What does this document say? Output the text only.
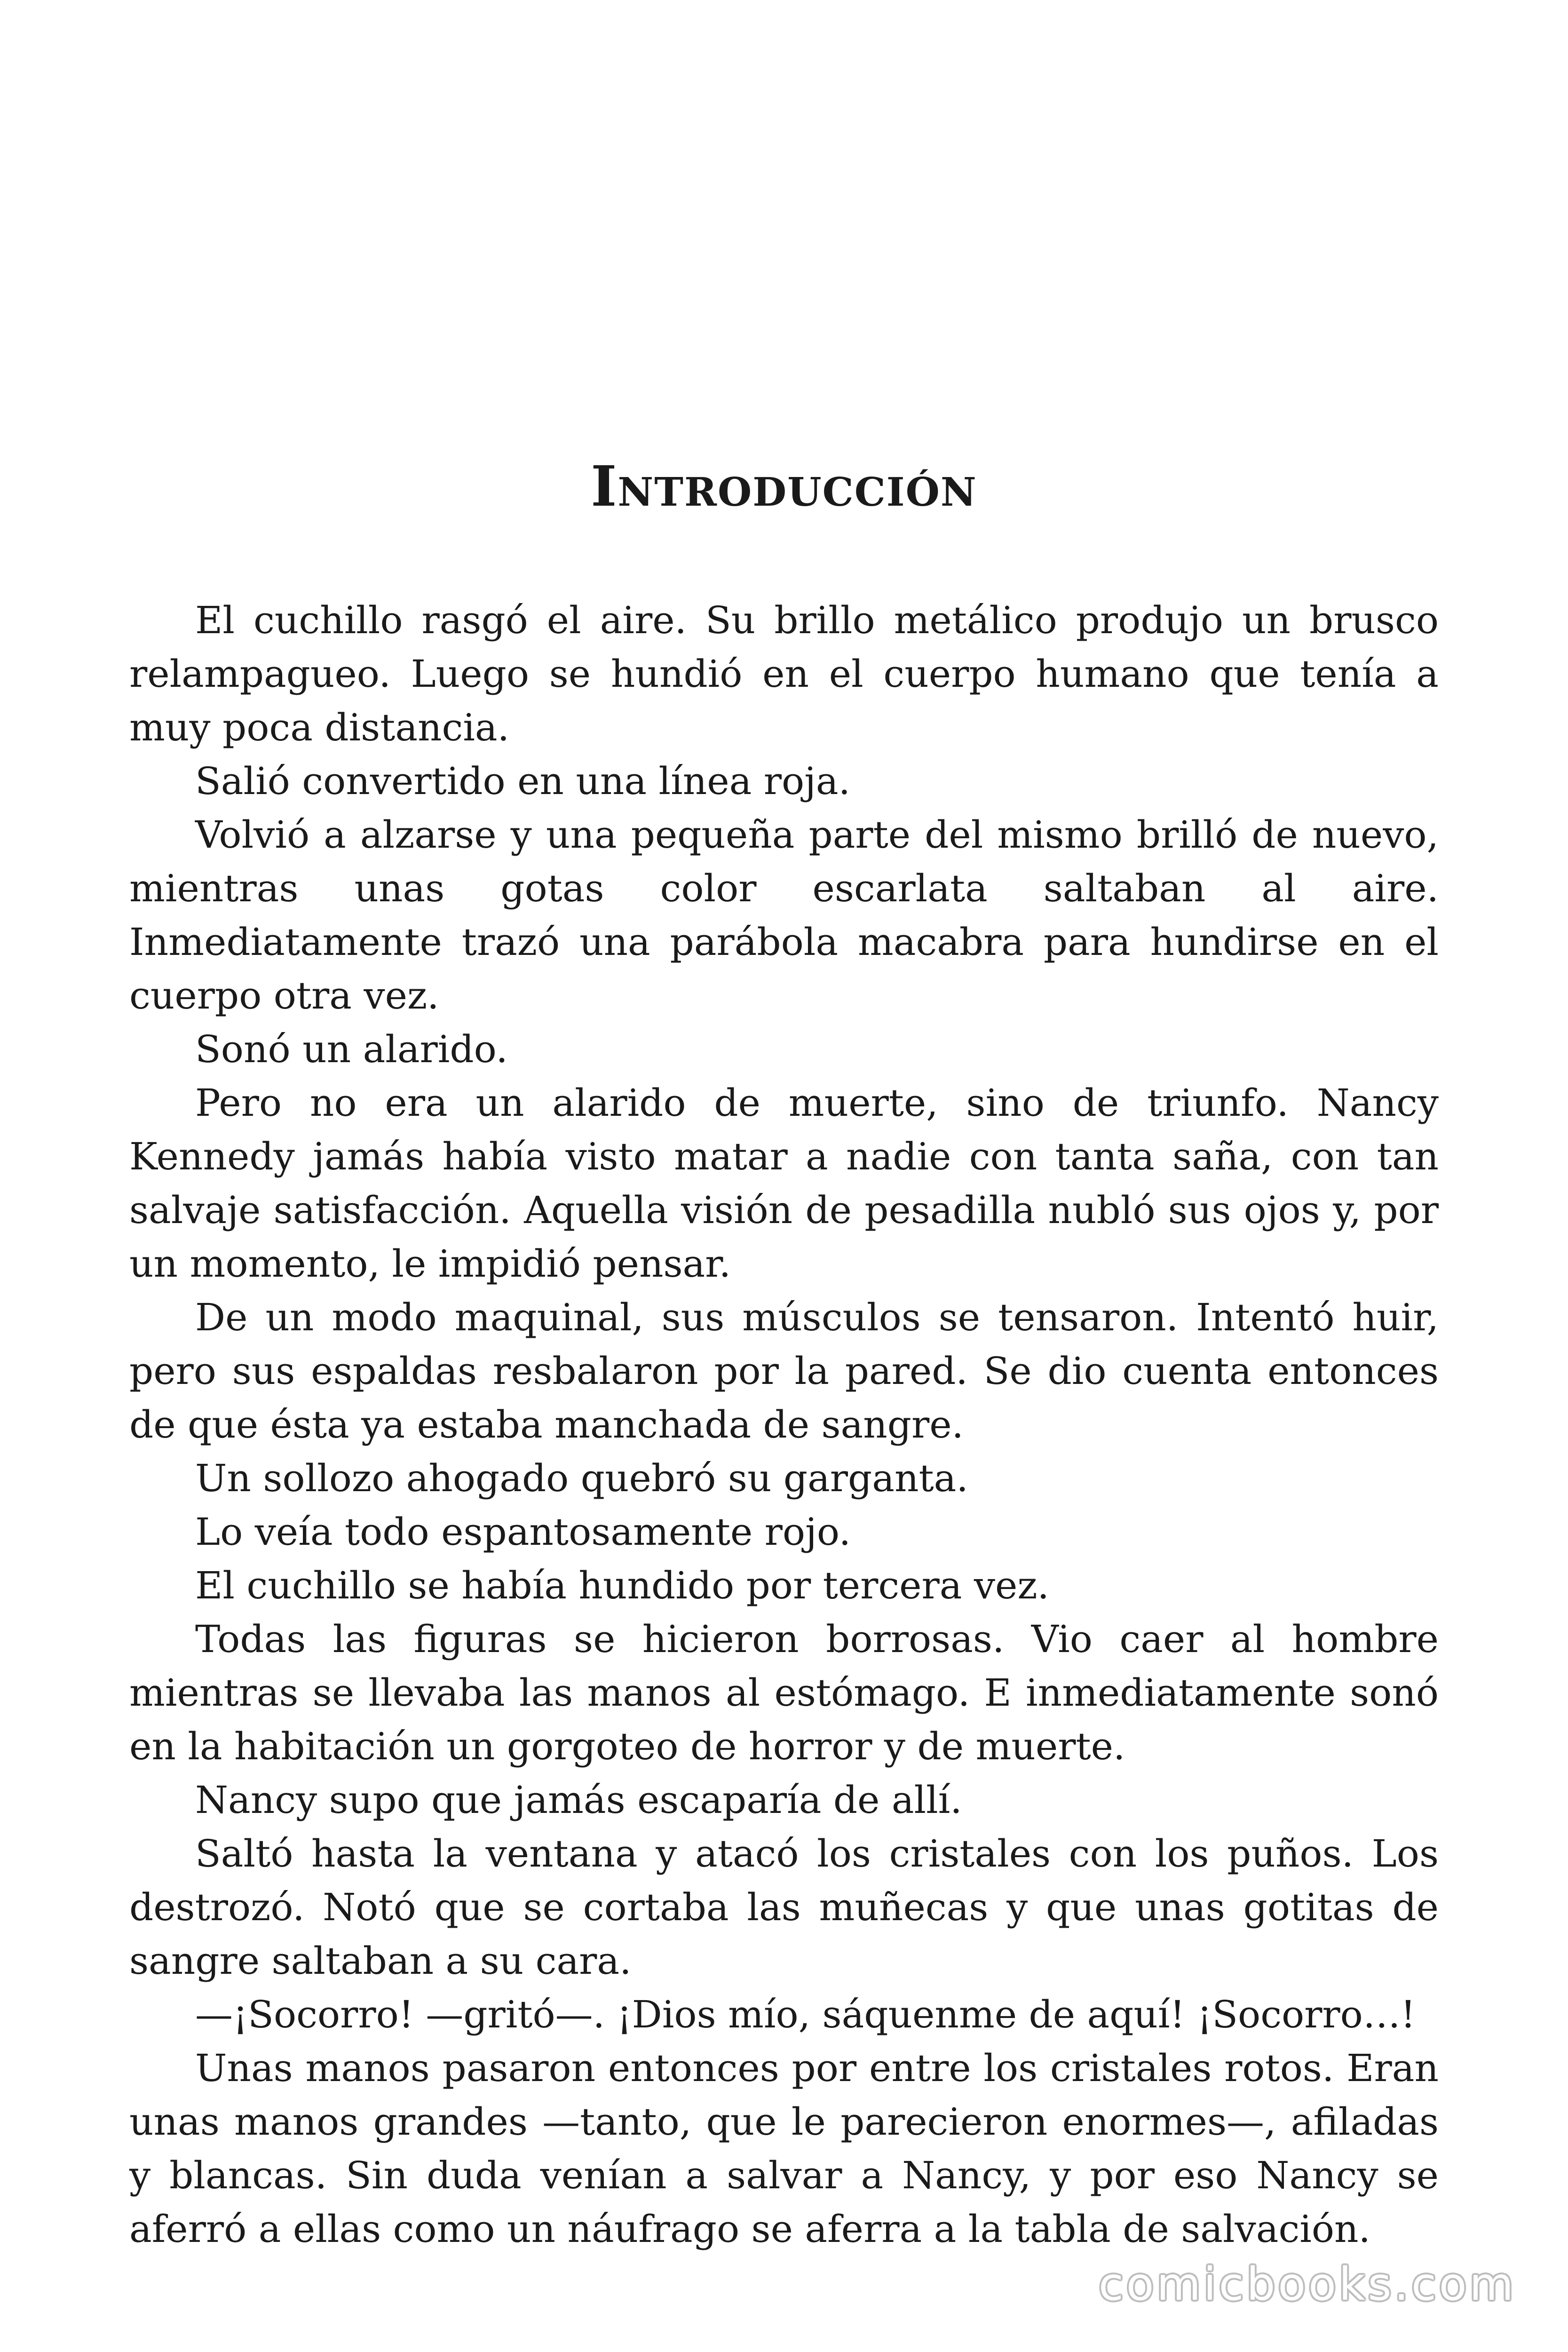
Introducción

El cuchillo rasgó el aire. Su brillo metálico produjo un brusco relampagueo. Luego se hundió en el cuerpo humano que tenía a muy poca distancia.

Salió convertido en una línea roja.

Volvió a alzarse y una pequeña parte del mismo brilló de nuevo, mientras unas gotas color escarlata saltaban al aire. Inmediatamente trazó una parábola macabra para hundirse en el cuerpo otra vez.

Sonó un alarido.

Pero no era un alarido de muerte, sino de triunfo. Nancy Kennedy jamás había visto matar a nadie con tanta saña, con tan salvaje satisfacción. Aquella visión de pesadilla nubló sus ojos y, por un momento, le impidió pensar.

De un modo maquinal, sus músculos se tensaron. Intentó huir, pero sus espaldas resbalaron por la pared. Se dio cuenta entonces de que ésta ya estaba manchada de sangre.

Un sollozo ahogado quebró su garganta.

Lo veía todo espantosamente rojo.

El cuchillo se había hundido por tercera vez.

Todas las figuras se hicieron borrosas. Vio caer al hombre mientras se llevaba las manos al estómago. E inmediatamente sonó en la habitación un gorgoteo de horror y de muerte.

Nancy supo que jamás escaparía de allí.

Saltó hasta la ventana y atacó los cristales con los puños. Los destrozó. Notó que se cortaba las muñecas y que unas gotitas de sangre saltaban a su cara.

—¡Socorro! —gritó—. ¡Dios mío, sáquenme de aquí! ¡Socorro…!

Unas manos pasaron entonces por entre los cristales rotos. Eran unas manos grandes —tanto, que le parecieron enormes—, afiladas y blancas. Sin duda venían a salvar a Nancy, y por eso Nancy se aferró a ellas como un náufrago se aferra a la tabla de salvación.

comicbooks.com
